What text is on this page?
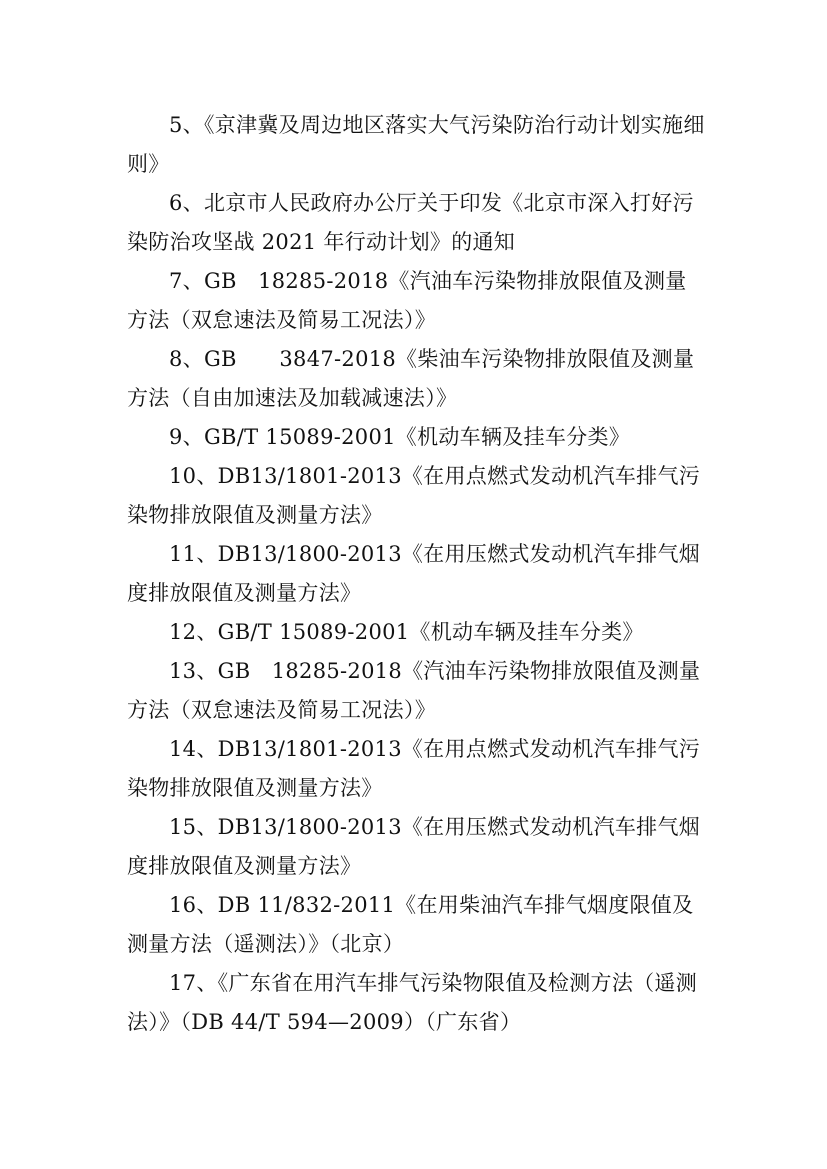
5、《京津冀及周边地区落实大气污染防治行动计划实施细则》
6、北京市人民政府办公厅关于印发《北京市深入打好污染防治攻坚战 2021 年行动计划》的通知
7、GB　18285-2018《汽油车污染物排放限值及测量方法（双怠速法及简易工况法）》
8、GB　　3847-2018《柴油车污染物排放限值及测量方法（自由加速法及加载减速法）》
9、GB/T 15089-2001《机动车辆及挂车分类》
10、DB13/1801-2013《在用点燃式发动机汽车排气污染物排放限值及测量方法》
11、DB13/1800-2013《在用压燃式发动机汽车排气烟度排放限值及测量方法》
12、GB/T 15089-2001《机动车辆及挂车分类》
13、GB　18285-2018《汽油车污染物排放限值及测量方法（双怠速法及简易工况法）》
14、DB13/1801-2013《在用点燃式发动机汽车排气污染物排放限值及测量方法》
15、DB13/1800-2013《在用压燃式发动机汽车排气烟度排放限值及测量方法》
16、DB 11/832-2011《在用柴油汽车排气烟度限值及测量方法（遥测法）》（北京）
17、《广东省在用汽车排气污染物限值及检测方法（遥测法）》（DB 44/T 594—2009）（广东省）
